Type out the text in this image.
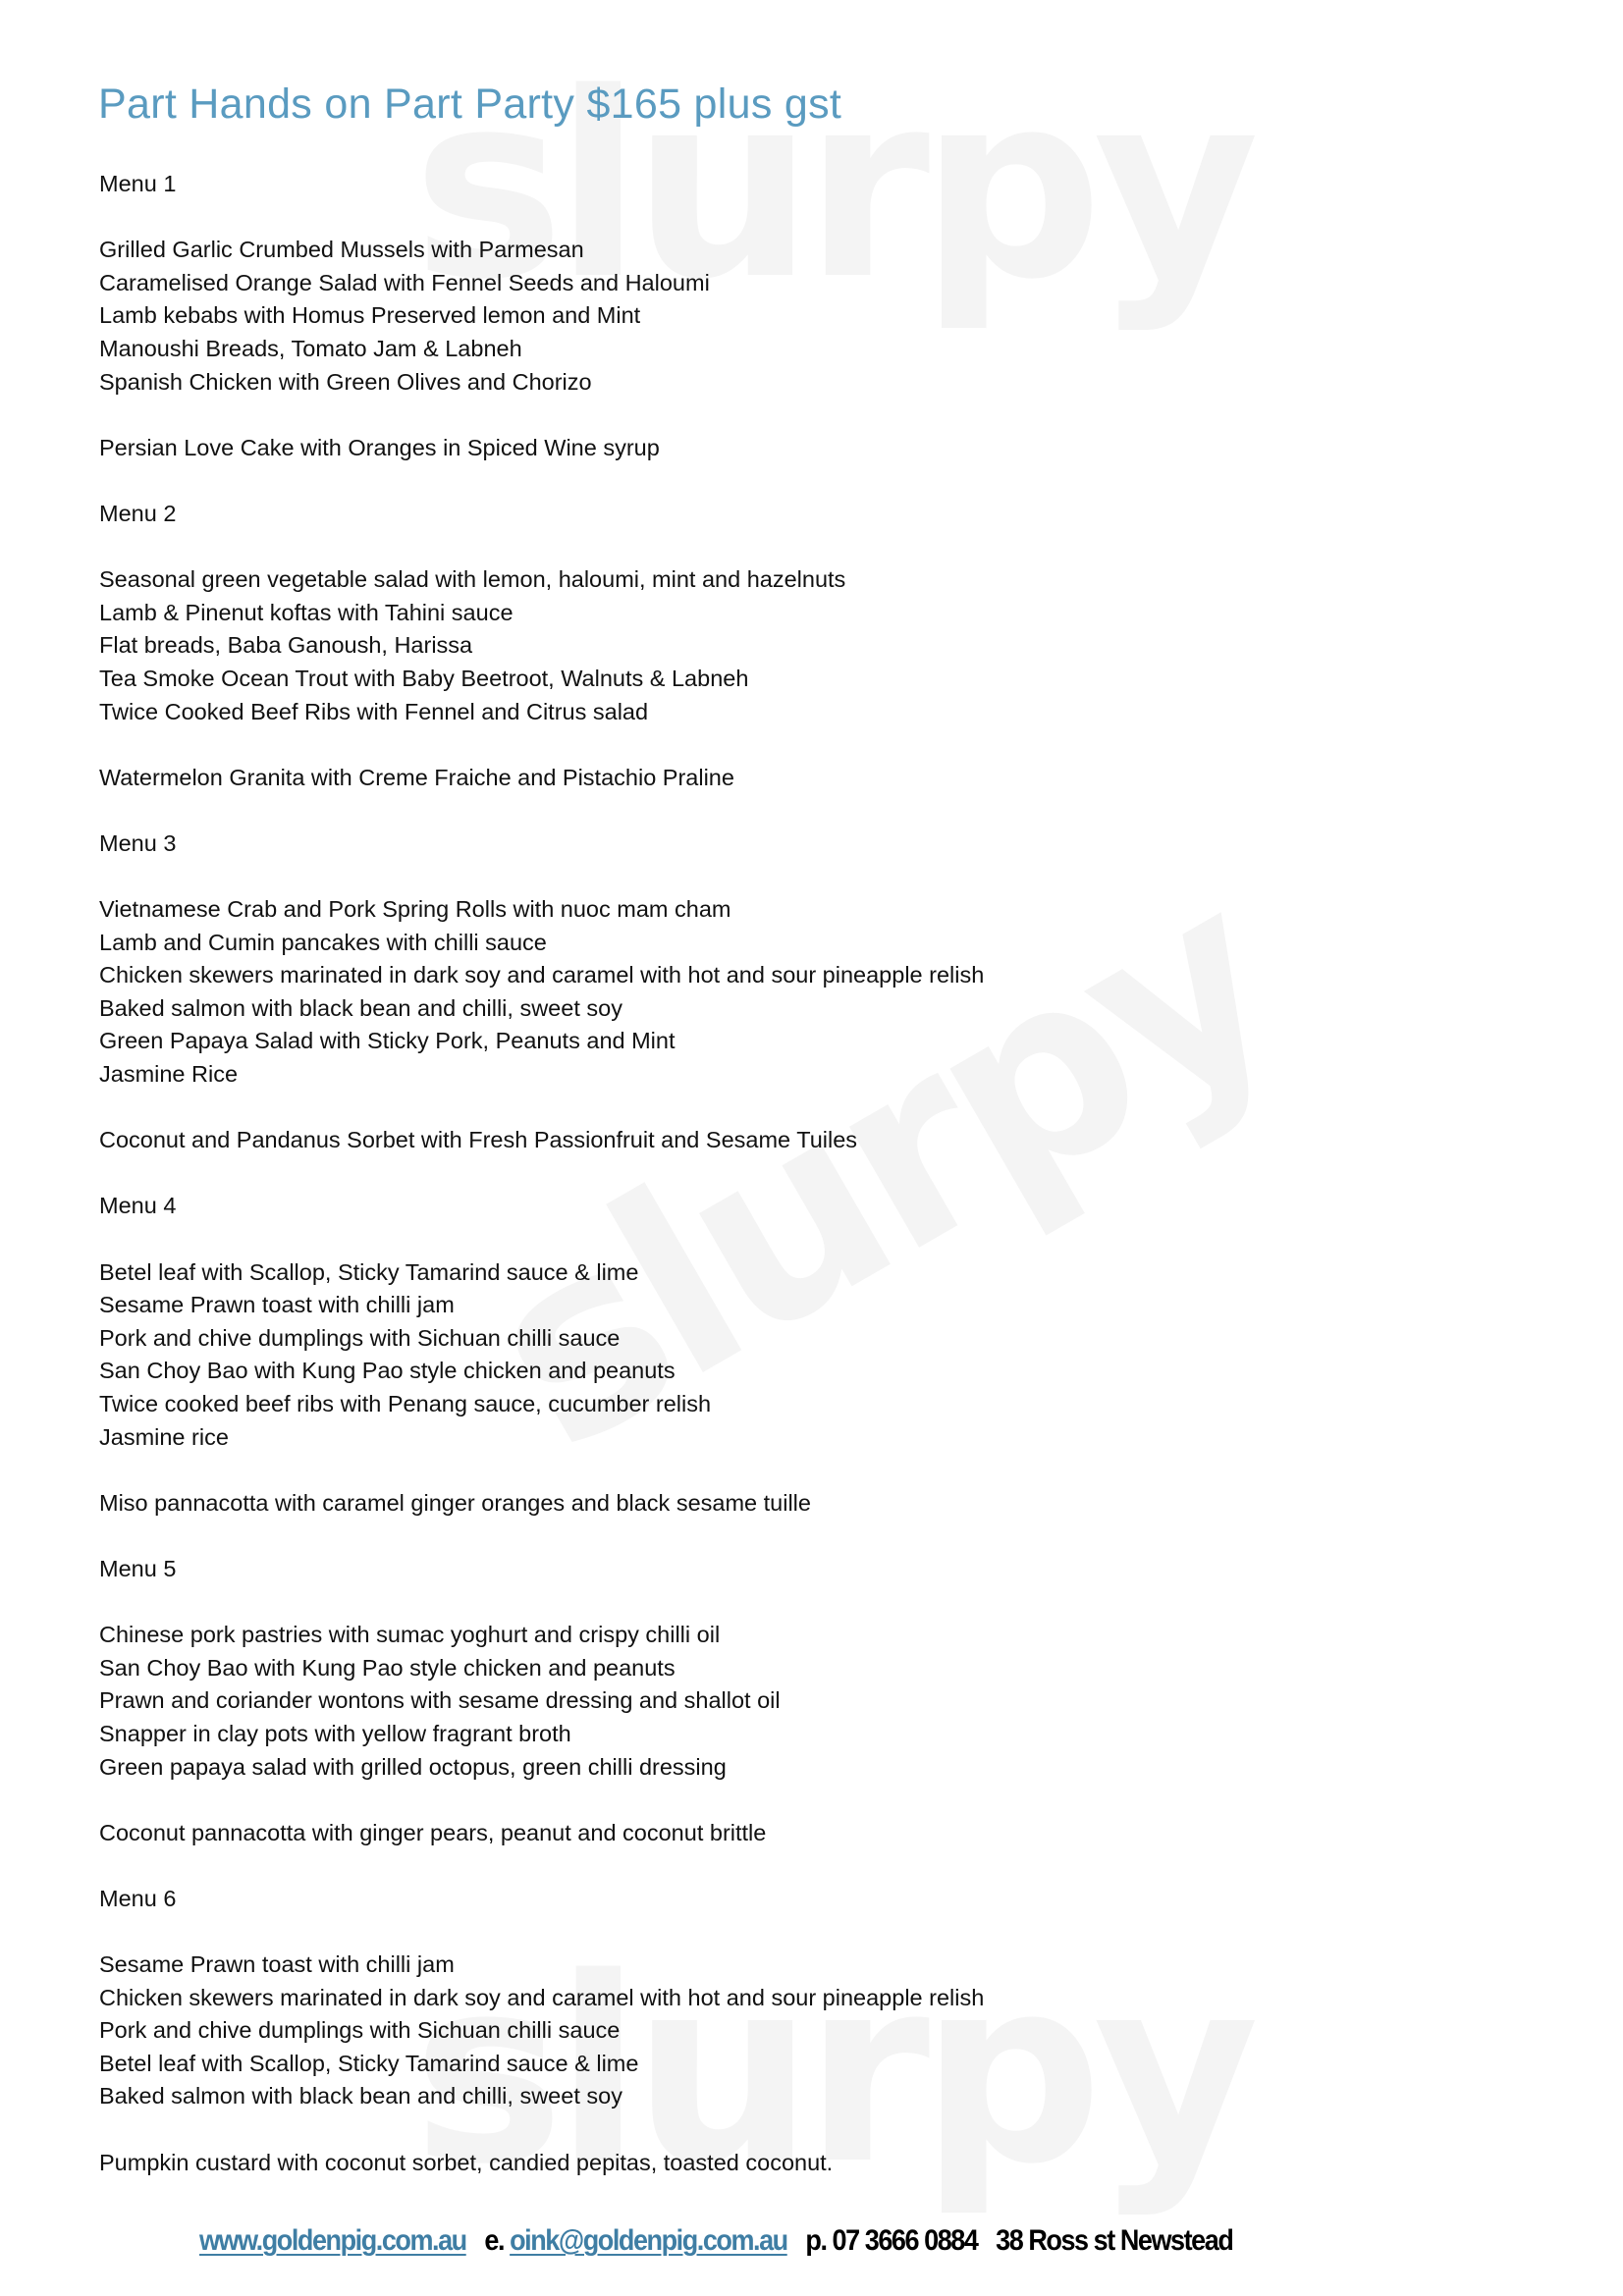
Part Hands on Part Party $165 plus gst
Menu 1
Grilled Garlic Crumbed Mussels with Parmesan
Caramelised Orange Salad with Fennel Seeds and Haloumi
Lamb kebabs with Homus Preserved lemon and Mint
Manoushi Breads, Tomato Jam & Labneh
Spanish Chicken with Green Olives and Chorizo
Persian Love Cake with Oranges in Spiced Wine syrup
Menu 2
Seasonal green vegetable salad with lemon, haloumi, mint and hazelnuts
Lamb & Pinenut koftas with Tahini sauce
Flat breads, Baba Ganoush, Harissa
Tea Smoke Ocean Trout with Baby Beetroot, Walnuts & Labneh
Twice Cooked Beef Ribs with Fennel and Citrus salad
Watermelon Granita with Creme Fraiche and Pistachio Praline
Menu 3
Vietnamese Crab and Pork Spring Rolls with nuoc mam cham
Lamb and Cumin pancakes with chilli sauce
Chicken skewers marinated in dark soy and caramel with hot and sour pineapple relish
Baked salmon with black bean and chilli, sweet soy
Green Papaya Salad with Sticky Pork, Peanuts and Mint
Jasmine Rice
Coconut and Pandanus Sorbet with Fresh Passionfruit and Sesame Tuiles
Menu 4
Betel leaf with Scallop, Sticky Tamarind sauce & lime
Sesame Prawn toast with chilli jam
Pork and chive dumplings with Sichuan chilli sauce
San Choy Bao with Kung Pao style chicken and peanuts
Twice cooked beef ribs with Penang sauce, cucumber relish
Jasmine rice
Miso pannacotta with caramel ginger oranges and black sesame tuille
Menu 5
Chinese pork pastries with sumac yoghurt and crispy chilli oil
San Choy Bao with Kung Pao style chicken and peanuts
Prawn and coriander wontons with sesame dressing and shallot oil
Snapper in clay pots with yellow fragrant broth
Green papaya salad with grilled octopus, green chilli dressing
Coconut pannacotta with ginger pears, peanut and coconut brittle
Menu 6
Sesame Prawn toast with chilli jam
Chicken skewers marinated in dark soy and caramel with hot and sour pineapple relish
Pork and chive dumplings with Sichuan chilli sauce
Betel leaf with Scallop, Sticky Tamarind sauce & lime
Baked salmon with black bean and chilli, sweet soy
Pumpkin custard with coconut sorbet, candied pepitas, toasted coconut.
www.goldenpig.com.au e. oink@goldenpig.com.au p. 07 3666 0884 38 Ross st Newstead
